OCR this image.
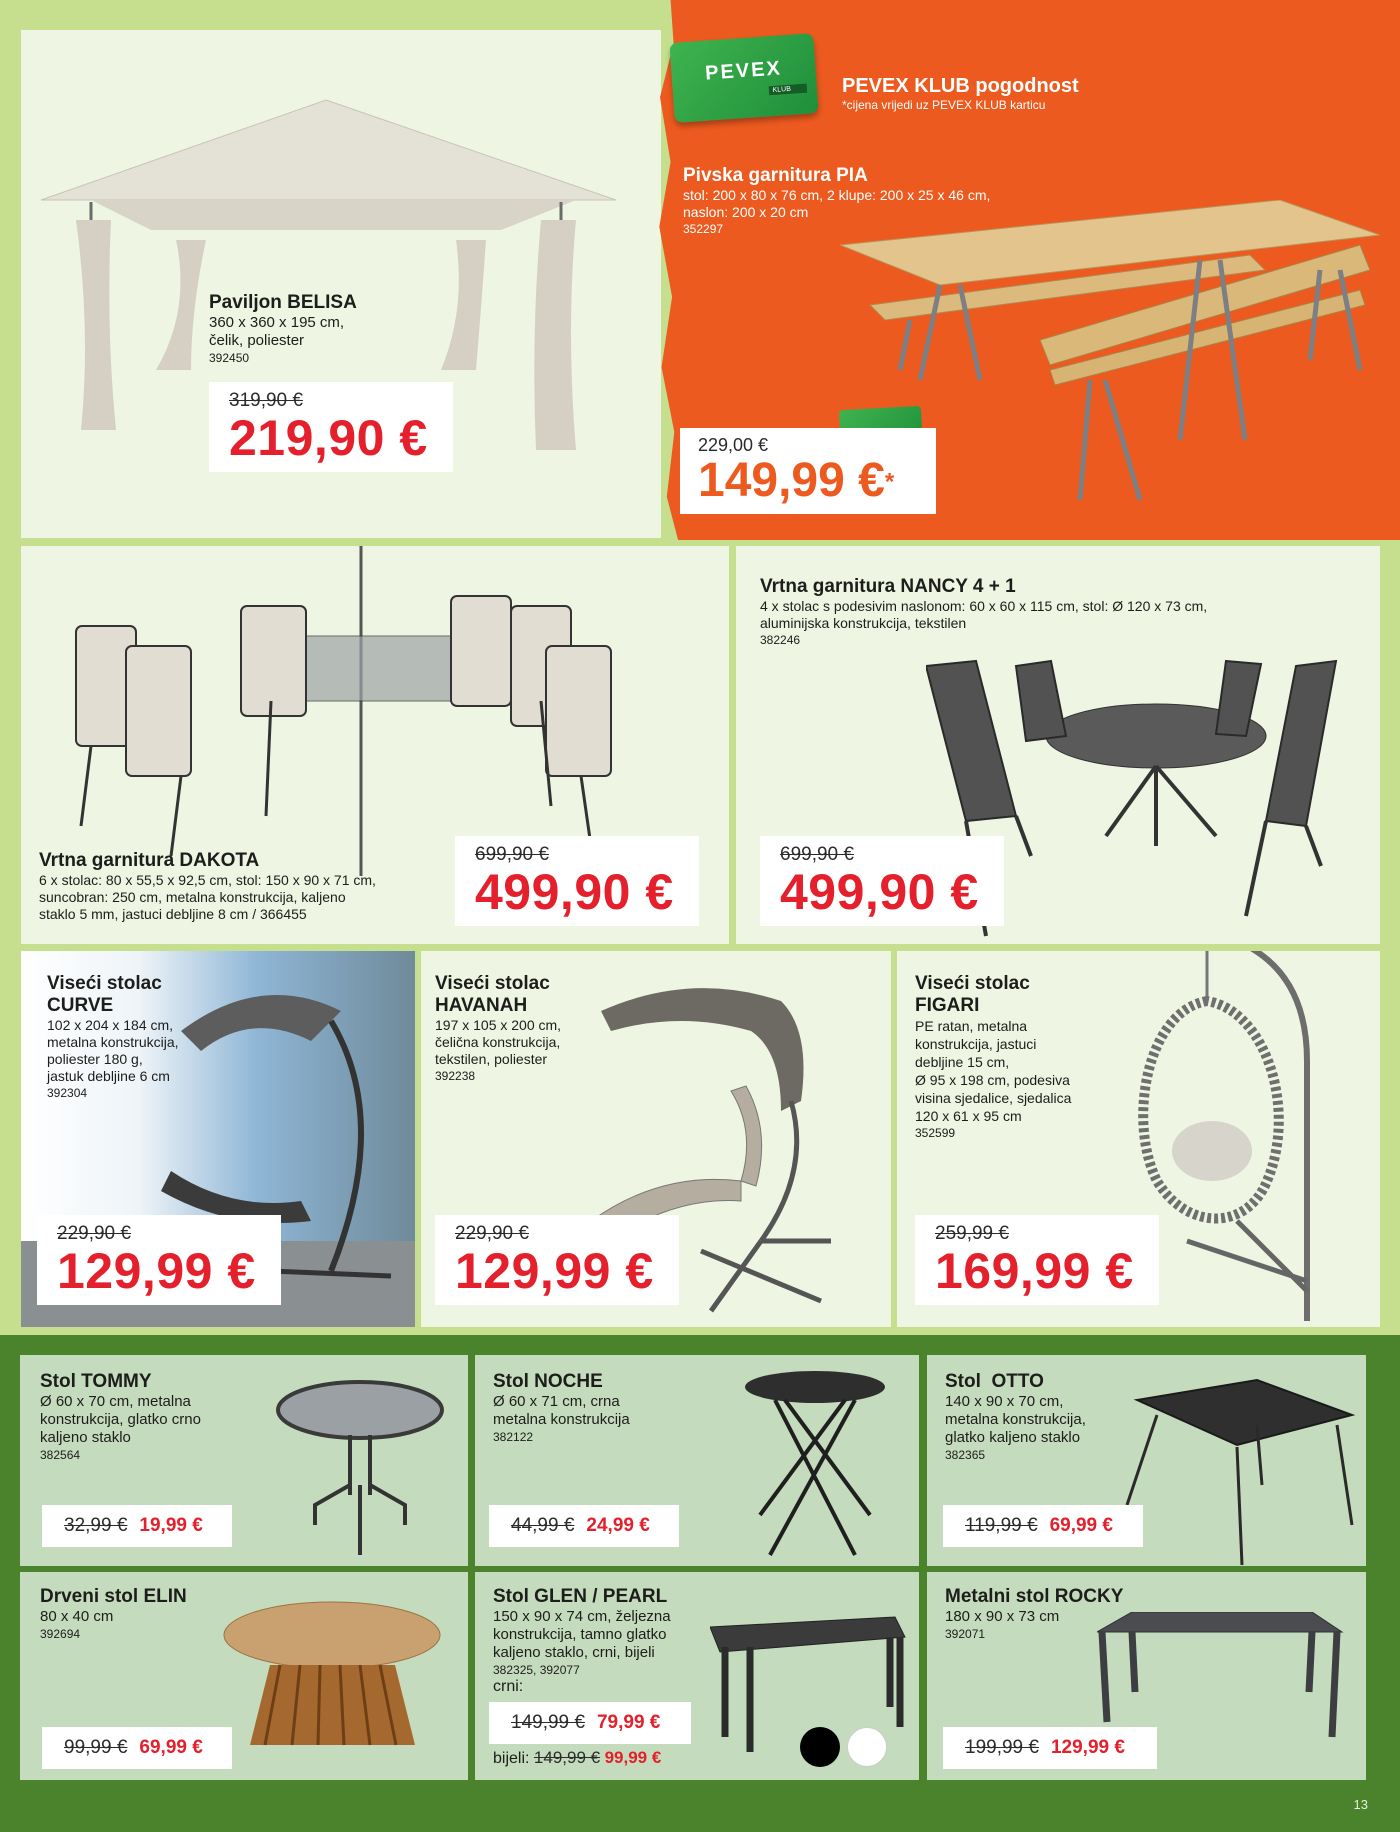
Paviljon BELISA
360 x 360 x 195 cm,
čelik, poliester
392450
319,90 €
219,90 €
PEVEX
KLUB	PEVEX KLUB pogodnost
*cijena vrijedi uz PEVEX KLUB karticu
Pivska garnitura PIA
stol: 200 x 80 x 76 cm, 2 klupe: 200 x 25 x 46 cm,
naslon: 200 x 20 cm
352297
229,00 €
149,99 €*
Vrtna garnitura DAKOTA
6 x stolac: 80 x 55,5 x 92,5 cm, stol: 150 x 90 x 71 cm,
suncobran: 250 cm, metalna konstrukcija, kaljeno
staklo 5 mm, jastuci debljine 8 cm / 366455
699,90 €
499,90 €
Vrtna garnitura NANCY 4 + 1
4 x stolac s podesivim naslonom: 60 x 60 x 115 cm, stol: Ø 120 x 73 cm,
aluminijska konstrukcija, tekstilen
382246
699,90 €
499,90 €
Viseći stolac
CURVE
102 x 204 x 184 cm,
metalna konstrukcija,
poliester 180 g,
jastuk debljine 6 cm
392304
229,90 €
129,99 €
Viseći stolac
HAVANAH
197 x 105 x 200 cm,
čelična konstrukcija,
tekstilen, poliester
392238
229,90 €
129,99 €
Viseći stolac
FIGARI
PE ratan, metalna
konstrukcija, jastuci
debljine 15 cm,
Ø 95 x 198 cm, podesiva
visina sjedalice, sjedalica
120 x 61 x 95 cm
352599
259,99 €
169,99 €
Stol TOMMY
Ø 60 x 70 cm, metalna
konstrukcija, glatko crno
kaljeno staklo
382564
32,99 € 19,99 €
Stol NOCHE
Ø 60 x 71 cm, crna
metalna konstrukcija
382122
44,99 € 24,99 €
Stol  OTTO
140 x 90 x 70 cm,
metalna konstrukcija,
glatko kaljeno staklo
382365
119,99 € 69,99 €
Drveni stol ELIN
80 x 40 cm
392694
99,99 € 69,99 €
Stol GLEN / PEARL
150 x 90 x 74 cm, željezna
konstrukcija, tamno glatko
kaljeno staklo, crni, bijeli
382325, 392077
crni:
149,99 € 79,99 €
bijeli: 149,99 € 99,99 €
Metalni stol ROCKY
180 x 90 x 73 cm
392071
199,99 € 129,99 €
13
